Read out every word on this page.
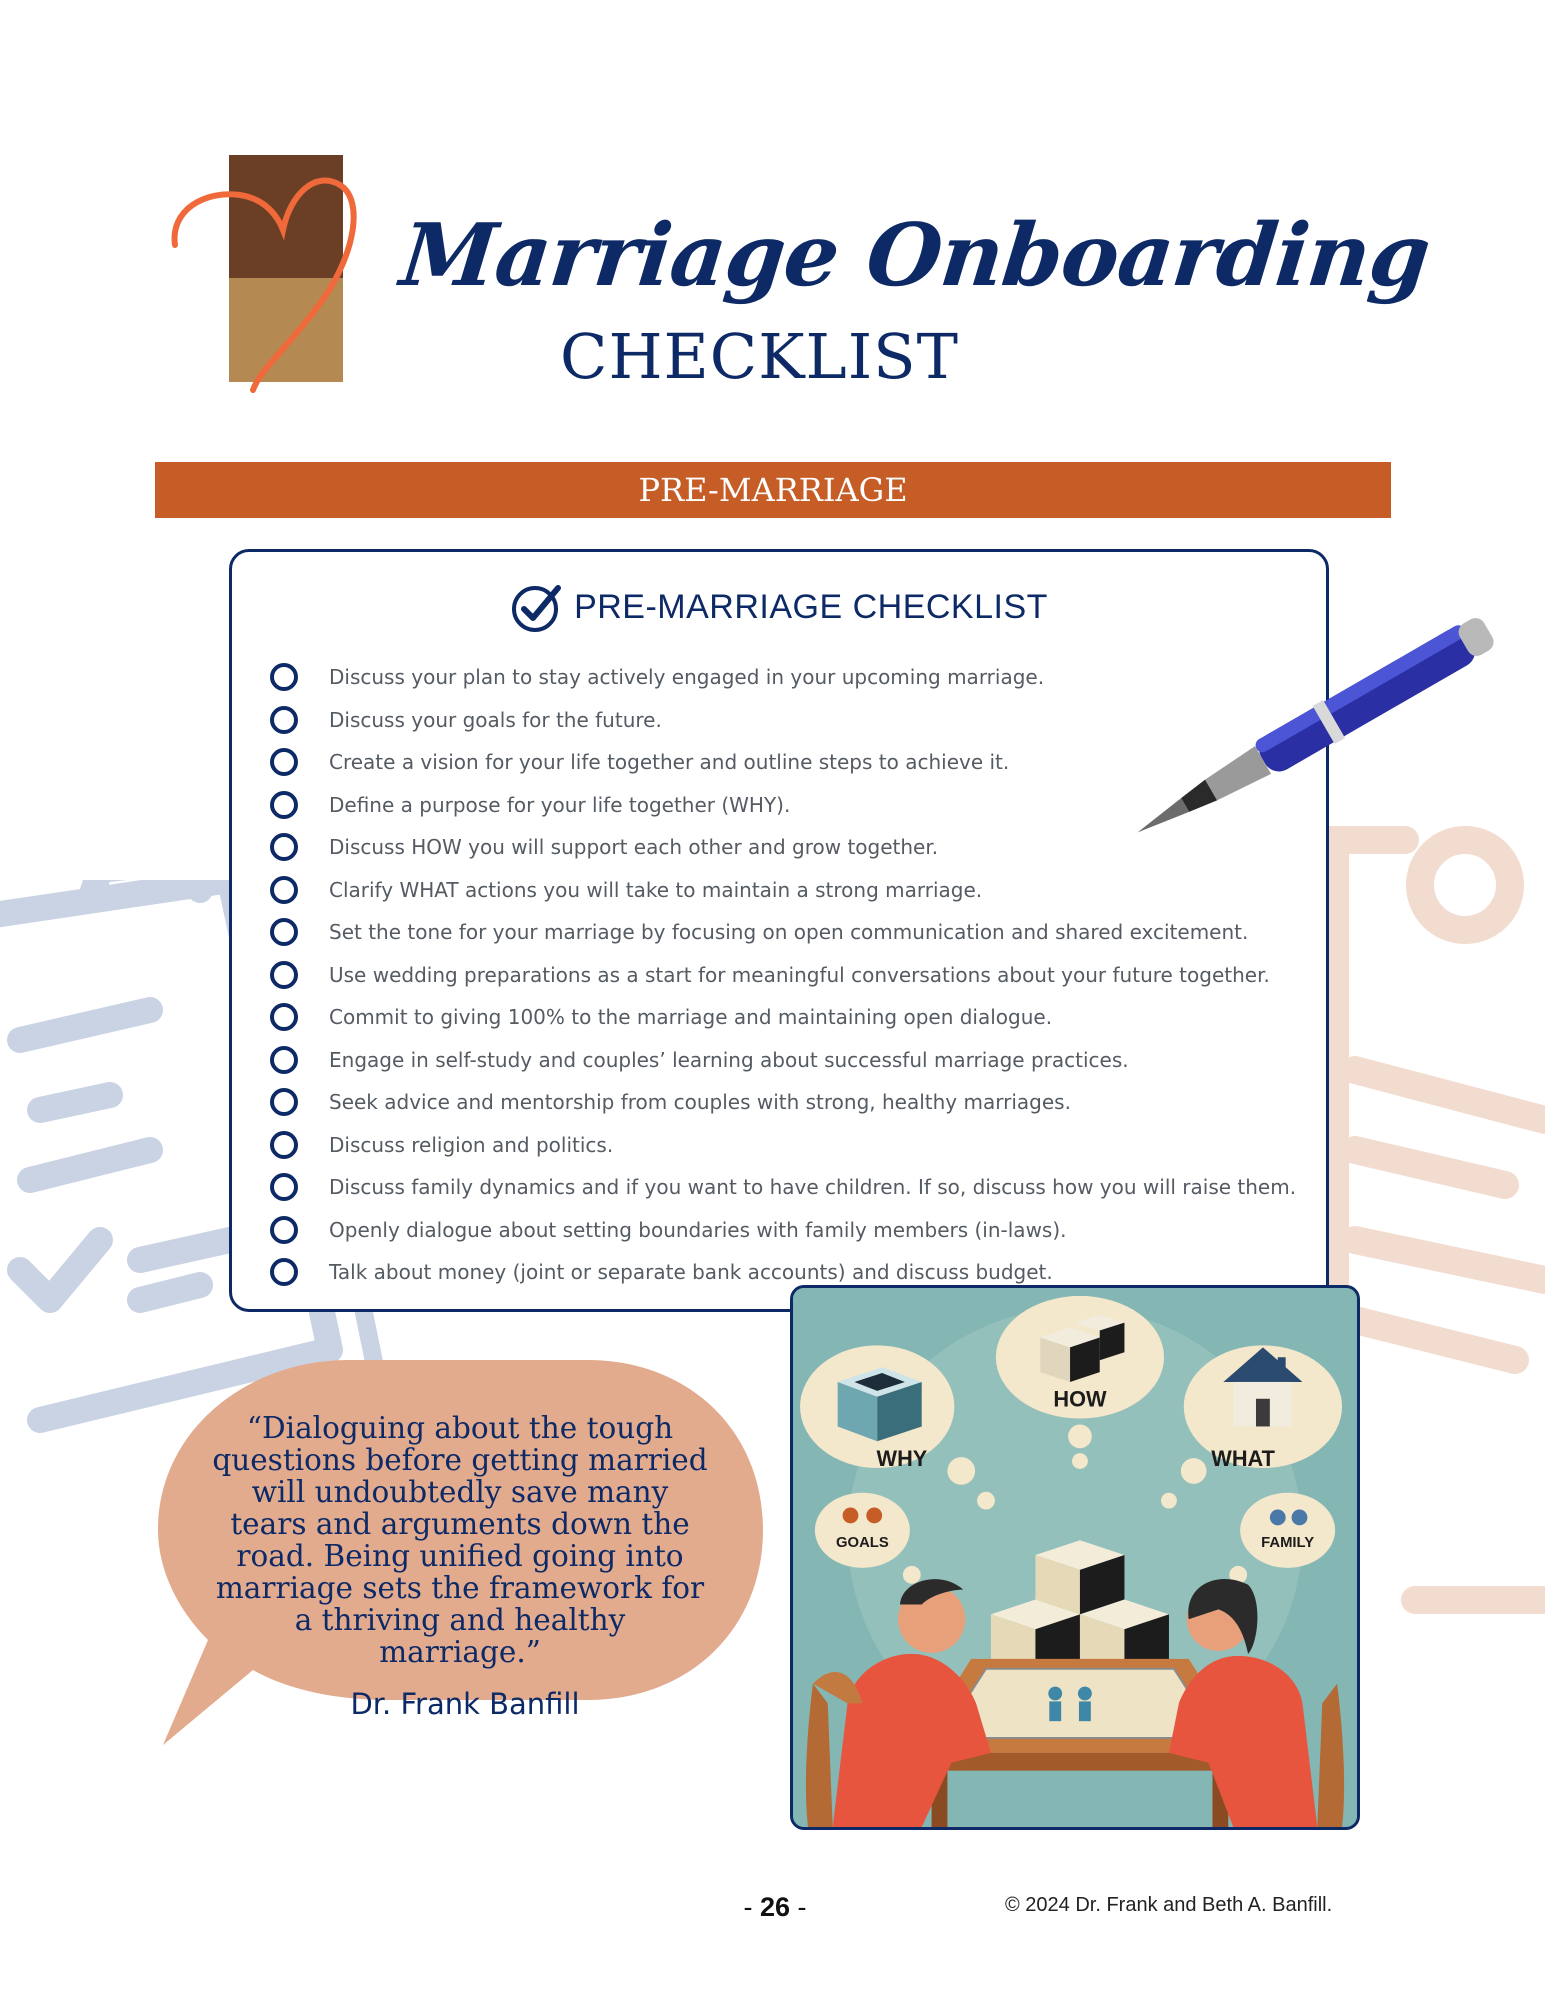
Marriage Onboarding
CHECKLIST
PRE-MARRIAGE
PRE-MARRIAGE CHECKLIST
Discuss your plan to stay actively engaged in your upcoming marriage.
Discuss your goals for the future.
Create a vision for your life together and outline steps to achieve it.
Define a purpose for your life together (WHY).
Discuss HOW you will support each other and grow together.
Clarify WHAT actions you will take to maintain a strong marriage.
Set the tone for your marriage by focusing on open communication and shared excitement.
Use wedding preparations as a start for meaningful conversations about your future together.
Commit to giving 100% to the marriage and maintaining open dialogue.
Engage in self-study and couples’ learning about successful marriage practices.
Seek advice and mentorship from couples with strong, healthy marriages.
Discuss religion and politics.
Discuss family dynamics and if you want to have children. If so, discuss how you will raise them.
Openly dialogue about setting boundaries with family members (in-laws).
Talk about money (joint or separate bank accounts) and discuss budget.
“Dialoguing about the tough questions before getting married will undoubtedly save many tears and arguments down the road. Being unified going into marriage sets the framework for a thriving and healthy marriage.”
Dr. Frank Banfill
WHY
HOW
WHAT
GOALS	FAMILY
- 26 -	© 2024 Dr. Frank and Beth A. Banfill.
